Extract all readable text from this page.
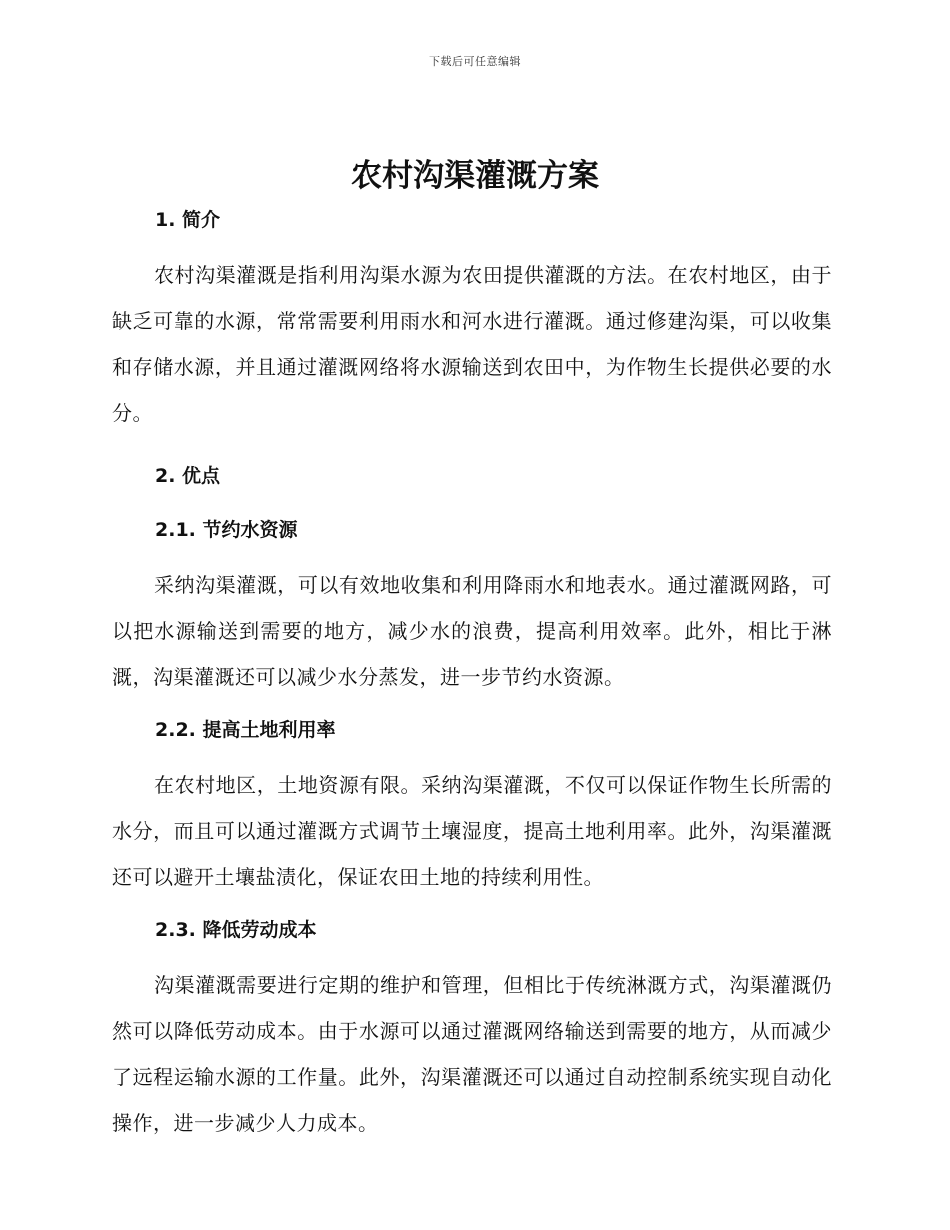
下载后可任意编辑
农村沟渠灌溉方案
1. 简介

农村沟渠灌溉是指利用沟渠水源为农田提供灌溉的方法。在农村地区，由于缺乏可靠的水源，常常需要利用雨水和河水进行灌溉。通过修建沟渠，可以收集和存储水源，并且通过灌溉网络将水源输送到农田中，为作物生长提供必要的水分。

2. 优点
2.1. 节约水资源

采纳沟渠灌溉，可以有效地收集和利用降雨水和地表水。通过灌溉网路，可以把水源输送到需要的地方，减少水的浪费，提高利用效率。此外，相比于淋溉，沟渠灌溉还可以减少水分蒸发，进一步节约水资源。

2.2. 提高土地利用率

在农村地区，土地资源有限。采纳沟渠灌溉，不仅可以保证作物生长所需的水分，而且可以通过灌溉方式调节土壤湿度，提高土地利用率。此外，沟渠灌溉还可以避开土壤盐渍化，保证农田土地的持续利用性。

2.3. 降低劳动成本

沟渠灌溉需要进行定期的维护和管理，但相比于传统淋溉方式，沟渠灌溉仍然可以降低劳动成本。由于水源可以通过灌溉网络输送到需要的地方，从而减少了远程运输水源的工作量。此外，沟渠灌溉还可以通过自动控制系统实现自动化操作，进一步减少人力成本。
